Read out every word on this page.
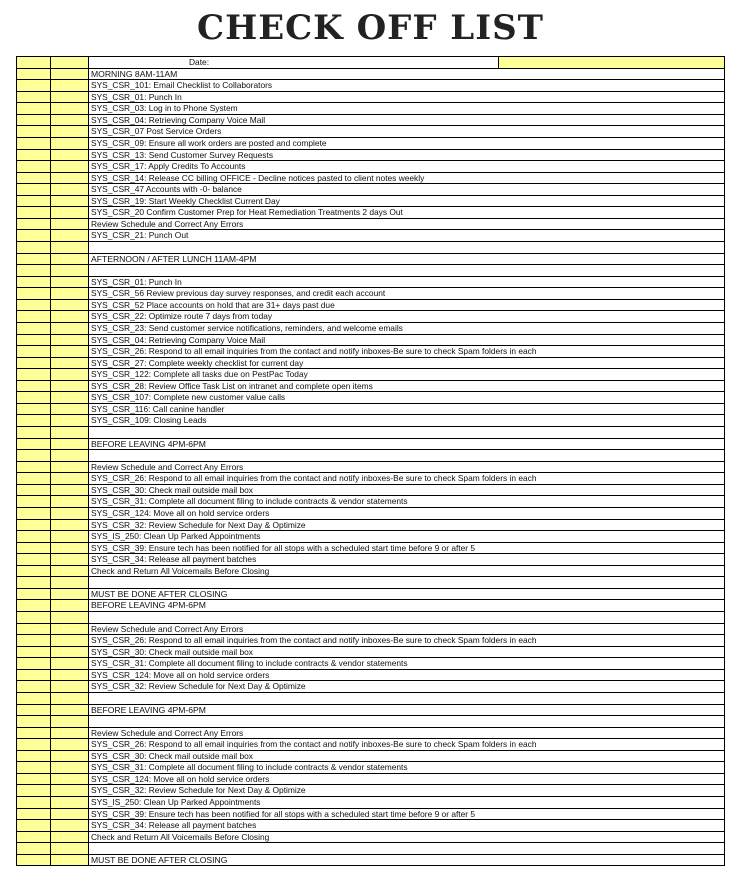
CHECK OFF LIST
Date:
MORNING 8AM-11AM
SYS_CSR_101: Email Checklist to Collaborators
SYS_CSR_01: Punch In
SYS_CSR_03: Log in to Phone System
SYS_CSR_04: Retrieving Company Voice Mail
SYS_CSR_07 Post Service Orders
SYS_CSR_09: Ensure all work orders are posted and complete
SYS_CSR_13: Send Customer Survey Requests
SYS_CSR_17: Apply Credits To Accounts
SYS_CSR_14: Release CC billing OFFICE - Decline notices pasted to client notes weekly
SYS_CSR_47 Accounts with -0- balance
SYS_CSR_19: Start Weekly Checklist Current Day
SYS_CSR_20 Confirm Customer Prep for Heat Remediation Treatments 2 days Out
Review Schedule and Correct Any Errors
SYS_CSR_21: Punch Out
AFTERNOON / AFTER LUNCH 11AM-4PM
SYS_CSR_01: Punch In
SYS_CSR_56 Review previous day survey responses, and credit each account
SYS_CSR_52 Place accounts on hold that are 31+ days past due
SYS_CSR_22: Optimize route 7 days from today
SYS_CSR_23: Send customer service notifications, reminders, and welcome emails
SYS_CSR_04: Retrieving Company Voice Mail
SYS_CSR_26: Respond to all email inquiries from the contact and notify inboxes-Be sure to check Spam folders in each
SYS_CSR_27: Complete weekly checklist for current day
SYS_CSR_122: Complete all tasks due on PestPac Today
SYS_CSR_28: Review Office Task List on intranet and complete open items
SYS_CSR_107: Complete new customer value calls
SYS_CSR_116: Call canine handler
SYS_CSR_109: Closing Leads
BEFORE LEAVING 4PM-6PM
Review Schedule and Correct Any Errors
SYS_CSR_26: Respond to all email inquiries from the contact and notify inboxes-Be sure to check Spam folders in each
SYS_CSR_30: Check mail outside mail box
SYS_CSR_31: Complete all document filing to include contracts & vendor statements
SYS_CSR_124: Move all on hold service orders
SYS_CSR_32: Review Schedule for Next Day & Optimize
SYS_IS_250: Clean Up Parked Appointments
SYS_CSR_39: Ensure tech has been notified for all stops with a scheduled start time before 9 or after 5
SYS_CSR_34: Release all payment batches
Check and Return All Voicemails Before Closing
MUST BE DONE AFTER CLOSING
BEFORE LEAVING 4PM-6PM
Review Schedule and Correct Any Errors
SYS_CSR_26: Respond to all email inquiries from the contact and notify inboxes-Be sure to check Spam folders in each
SYS_CSR_30: Check mail outside mail box
SYS_CSR_31: Complete all document filing to include contracts & vendor statements
SYS_CSR_124: Move all on hold service orders
SYS_CSR_32: Review Schedule for Next Day & Optimize
BEFORE LEAVING 4PM-6PM
Review Schedule and Correct Any Errors
SYS_CSR_26: Respond to all email inquiries from the contact and notify inboxes-Be sure to check Spam folders in each
SYS_CSR_30: Check mail outside mail box
SYS_CSR_31: Complete all document filing to include contracts & vendor statements
SYS_CSR_124: Move all on hold service orders
SYS_CSR_32: Review Schedule for Next Day & Optimize
SYS_IS_250: Clean Up Parked Appointments
SYS_CSR_39: Ensure tech has been notified for all stops with a scheduled start time before 9 or after 5
SYS_CSR_34: Release all payment batches
Check and Return All Voicemails Before Closing
MUST BE DONE AFTER CLOSING
